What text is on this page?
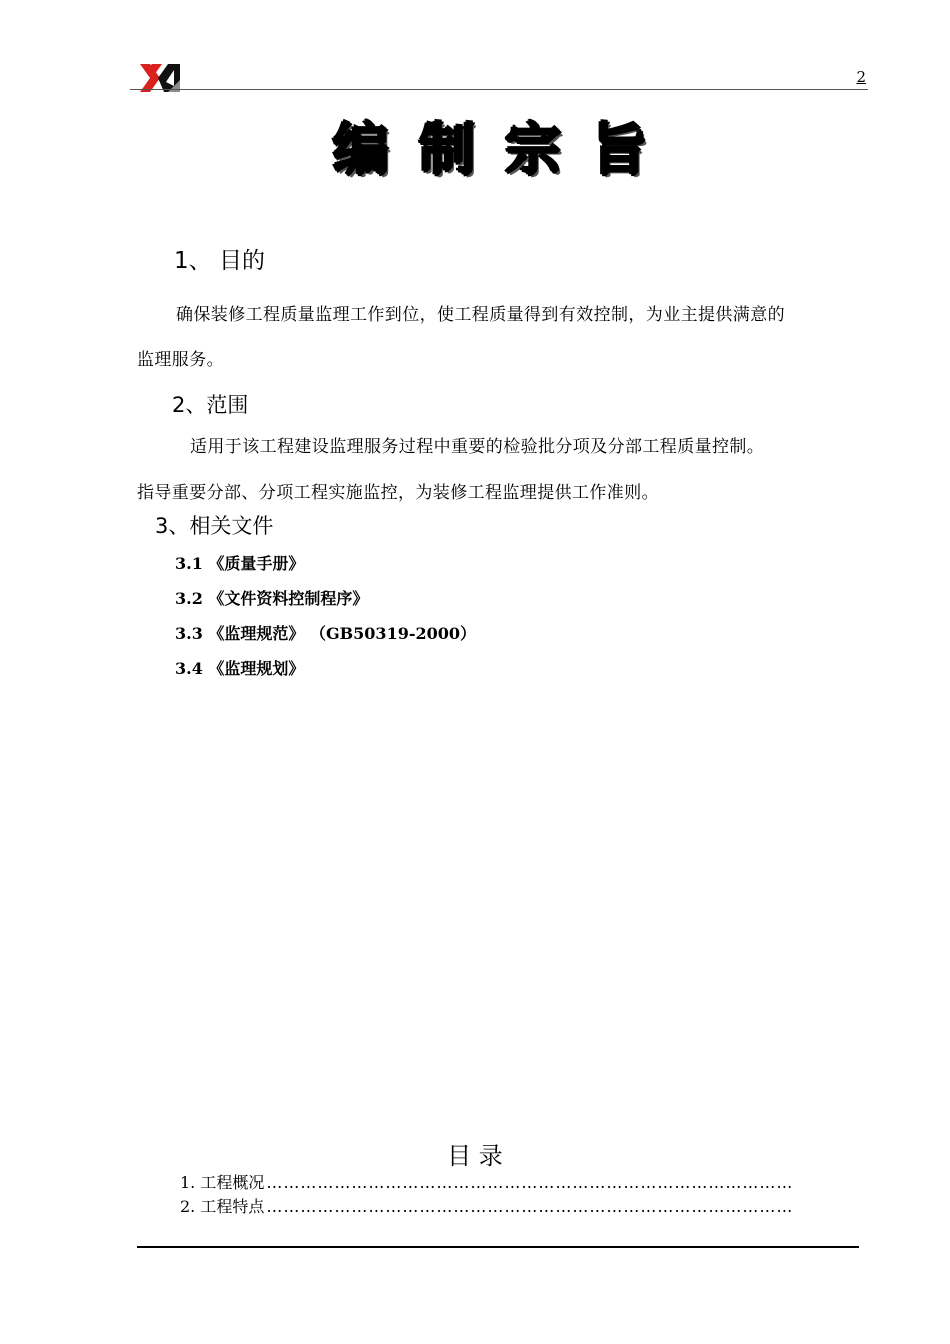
2
编制宗旨
1、 目的
确保装修工程质量监理工作到位，使工程质量得到有效控制，为业主提供满意的
监理服务。
2、范围
适用于该工程建设监理服务过程中重要的检验批分项及分部工程质量控制。
指导重要分部、分项工程实施监控，为装修工程监理提供工作准则。
3、相关文件
3.1 《质量手册》
3.2 《文件资料控制程序》
3.3 《监理规范》 （GB50319-2000）
3.4 《监理规划》
目 录
1. 工程概况 …………………………………………………………………………………
2. 工程特点 …………………………………………………………………………………
